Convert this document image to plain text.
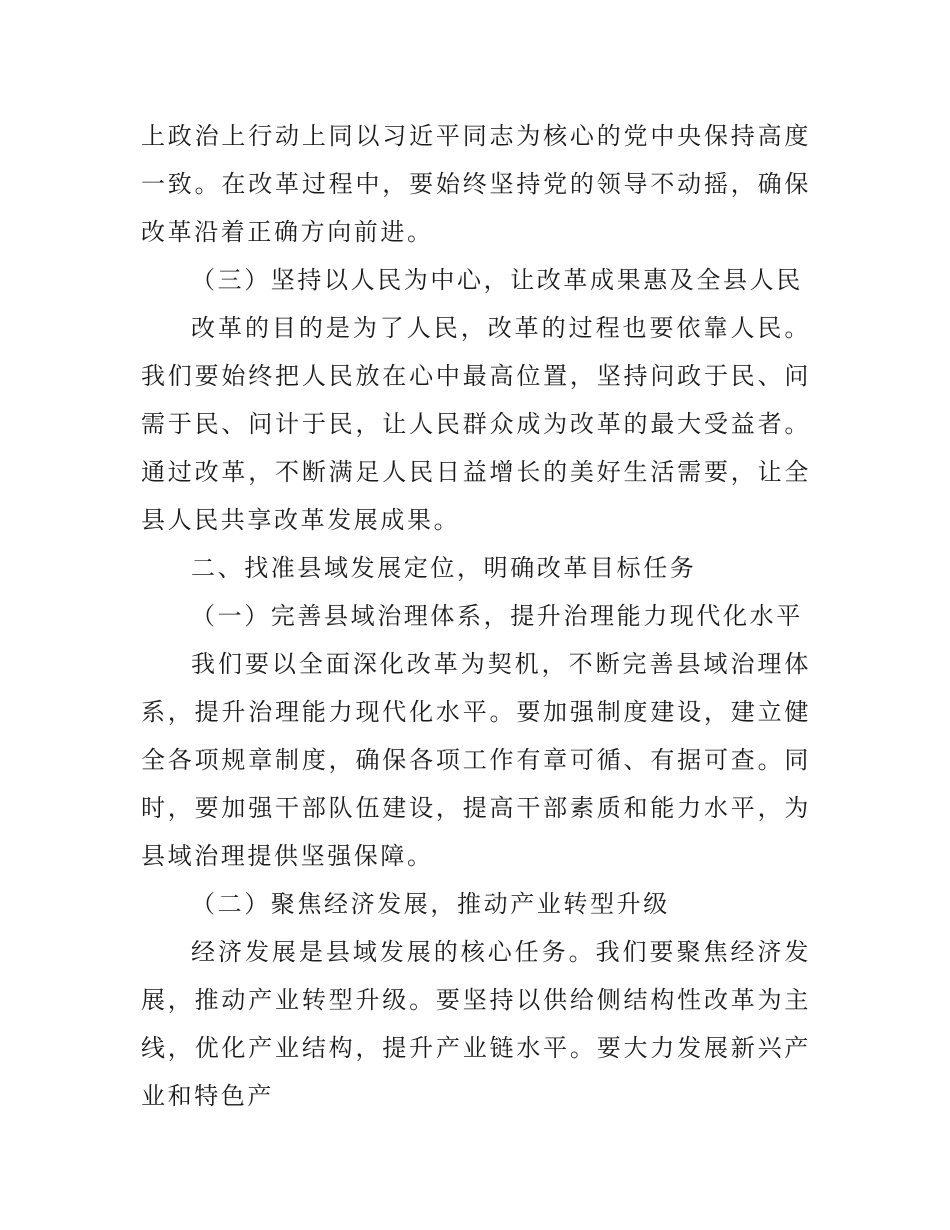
上政治上行动上同以习近平同志为核心的党中央保持高度一致。在改革过程中，要始终坚持党的领导不动摇，确保改革沿着正确方向前进。

（三）坚持以人民为中心，让改革成果惠及全县人民

改革的目的是为了人民，改革的过程也要依靠人民。我们要始终把人民放在心中最高位置，坚持问政于民、问需于民、问计于民，让人民群众成为改革的最大受益者。通过改革，不断满足人民日益增长的美好生活需要，让全县人民共享改革发展成果。

二、找准县域发展定位，明确改革目标任务

（一）完善县域治理体系，提升治理能力现代化水平

我们要以全面深化改革为契机，不断完善县域治理体系，提升治理能力现代化水平。要加强制度建设，建立健全各项规章制度，确保各项工作有章可循、有据可查。同时，要加强干部队伍建设，提高干部素质和能力水平，为县域治理提供坚强保障。

（二）聚焦经济发展，推动产业转型升级

经济发展是县域发展的核心任务。我们要聚焦经济发展，推动产业转型升级。要坚持以供给侧结构性改革为主线，优化产业结构，提升产业链水平。要大力发展新兴产业和特色产
